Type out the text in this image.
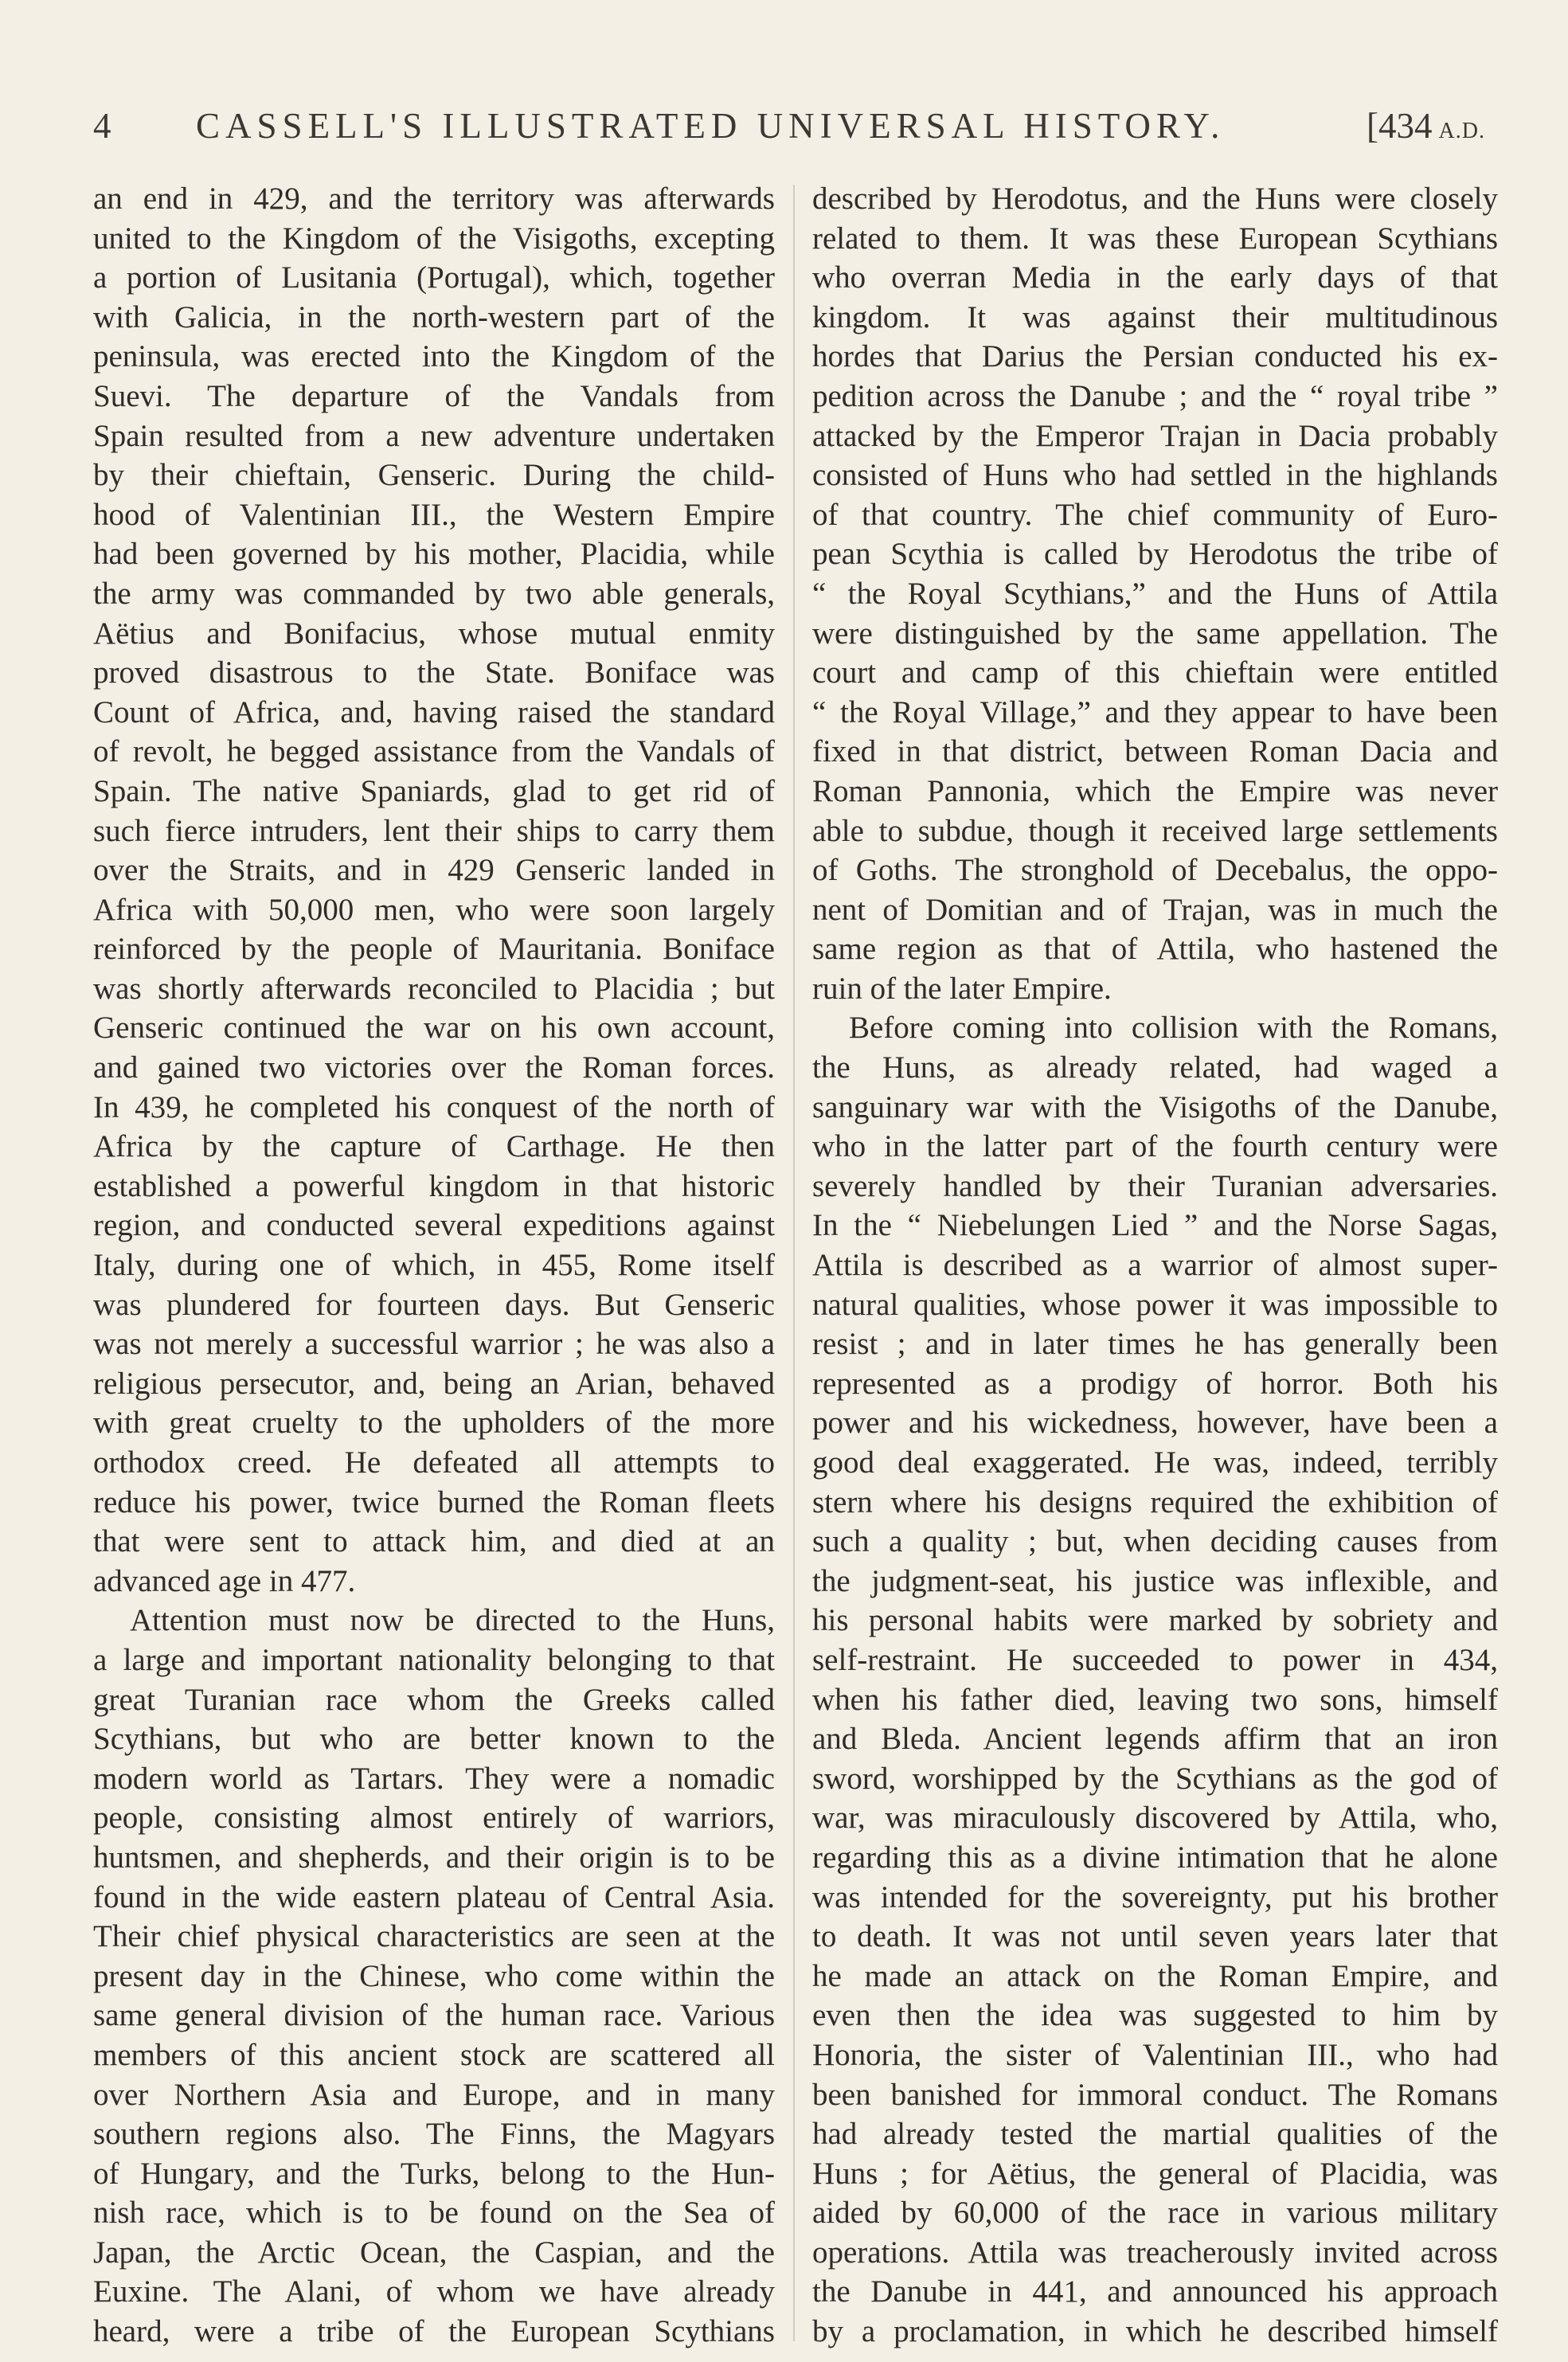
4 CASSELL'S ILLUSTRATED UNIVERSAL HISTORY.	[434 A.D.
an end in 429, and the territory was afterwards
united to the Kingdom of the Visigoths, excepting
a portion of Lusitania (Portugal), which, together
with Galicia, in the north-western part of the
peninsula, was erected into the Kingdom of the
Suevi. The departure of the Vandals from
Spain resulted from a new adventure undertaken
by their chieftain, Genseric. During the child-
hood of Valentinian III., the Western Empire
had been governed by his mother, Placidia, while
the army was commanded by two able generals,
Aëtius and Bonifacius, whose mutual enmity
proved disastrous to the State. Boniface was
Count of Africa, and, having raised the standard
of revolt, he begged assistance from the Vandals of
Spain. The native Spaniards, glad to get rid of
such fierce intruders, lent their ships to carry them
over the Straits, and in 429 Genseric landed in
Africa with 50,000 men, who were soon largely
reinforced by the people of Mauritania. Boniface
was shortly afterwards reconciled to Placidia ; but
Genseric continued the war on his own account,
and gained two victories over the Roman forces.
In 439, he completed his conquest of the north of
Africa by the capture of Carthage. He then
established a powerful kingdom in that historic
region, and conducted several expeditions against
Italy, during one of which, in 455, Rome itself
was plundered for fourteen days. But Genseric
was not merely a successful warrior ; he was also a
religious persecutor, and, being an Arian, behaved
with great cruelty to the upholders of the more
orthodox creed. He defeated all attempts to
reduce his power, twice burned the Roman fleets
that were sent to attack him, and died at an
advanced age in 477.
Attention must now be directed to the Huns,
a large and important nationality belonging to that
great Turanian race whom the Greeks called
Scythians, but who are better known to the
modern world as Tartars. They were a nomadic
people, consisting almost entirely of warriors,
huntsmen, and shepherds, and their origin is to be
found in the wide eastern plateau of Central Asia.
Their chief physical characteristics are seen at the
present day in the Chinese, who come within the
same general division of the human race. Various
members of this ancient stock are scattered all
over Northern Asia and Europe, and in many
southern regions also. The Finns, the Magyars
of Hungary, and the Turks, belong to the Hun-
nish race, which is to be found on the Sea of
Japan, the Arctic Ocean, the Caspian, and the
Euxine. The Alani, of whom we have already
heard, were a tribe of the European Scythians
described by Herodotus, and the Huns were closely
related to them. It was these European Scythians
who overran Media in the early days of that
kingdom. It was against their multitudinous
hordes that Darius the Persian conducted his ex-
pedition across the Danube ; and the “ royal tribe ”
attacked by the Emperor Trajan in Dacia probably
consisted of Huns who had settled in the highlands
of that country. The chief community of Euro-
pean Scythia is called by Herodotus the tribe of
“ the Royal Scythians,” and the Huns of Attila
were distinguished by the same appellation. The
court and camp of this chieftain were entitled
“ the Royal Village,” and they appear to have been
fixed in that district, between Roman Dacia and
Roman Pannonia, which the Empire was never
able to subdue, though it received large settlements
of Goths. The stronghold of Decebalus, the oppo-
nent of Domitian and of Trajan, was in much the
same region as that of Attila, who hastened the
ruin of the later Empire.
Before coming into collision with the Romans,
the Huns, as already related, had waged a
sanguinary war with the Visigoths of the Danube,
who in the latter part of the fourth century were
severely handled by their Turanian adversaries.
In the “ Niebelungen Lied ” and the Norse Sagas,
Attila is described as a warrior of almost super-
natural qualities, whose power it was impossible to
resist ; and in later times he has generally been
represented as a prodigy of horror. Both his
power and his wickedness, however, have been a
good deal exaggerated. He was, indeed, terribly
stern where his designs required the exhibition of
such a quality ; but, when deciding causes from
the judgment-seat, his justice was inflexible, and
his personal habits were marked by sobriety and
self-restraint. He succeeded to power in 434,
when his father died, leaving two sons, himself
and Bleda. Ancient legends affirm that an iron
sword, worshipped by the Scythians as the god of
war, was miraculously discovered by Attila, who,
regarding this as a divine intimation that he alone
was intended for the sovereignty, put his brother
to death. It was not until seven years later that
he made an attack on the Roman Empire, and
even then the idea was suggested to him by
Honoria, the sister of Valentinian III., who had
been banished for immoral conduct. The Romans
had already tested the martial qualities of the
Huns ; for Aëtius, the general of Placidia, was
aided by 60,000 of the race in various military
operations. Attila was treacherously invited across
the Danube in 441, and announced his approach
by a proclamation, in which he described himself
